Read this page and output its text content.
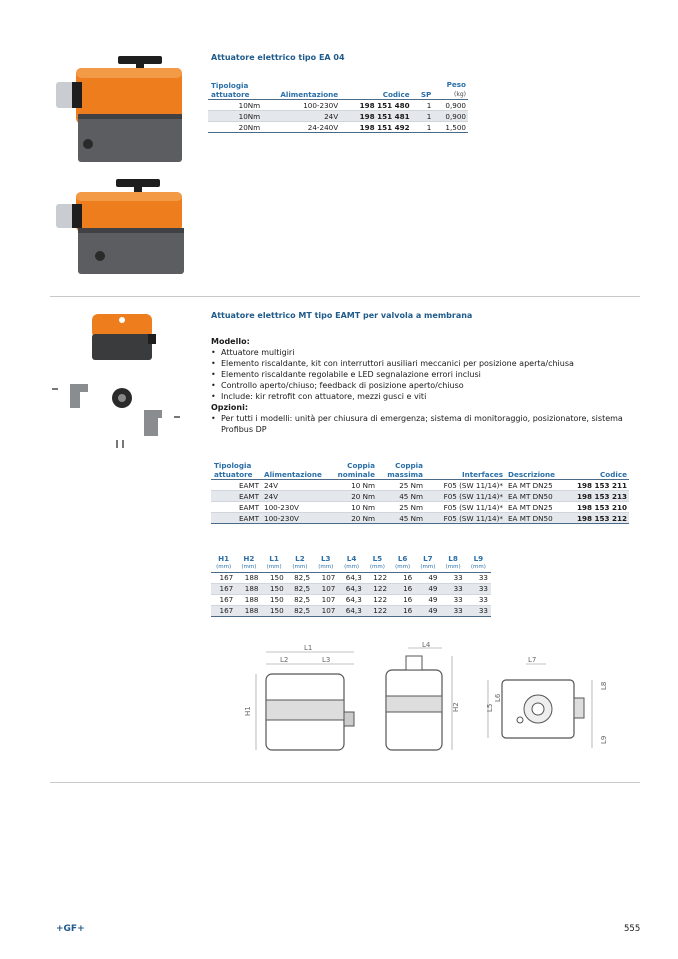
Attuatore elettrico tipo EA 04
Tipologia attuatore	Alimentazione	Codice	SP	Peso
(kg)
10Nm	100-230V	198 151 480	1	0,900
10Nm	24V	198 151 481	1	0,900
20Nm	24-240V	198 151 492	1	1,500
Attuatore elettrico MT tipo EAMT per valvola a membrana
Modello:
• Attuatore multigiri
• Elemento riscaldante, kit con interruttori ausiliari meccanici per posizione aperta/chiusa
• Elemento riscaldante regolabile e LED segnalazione errori inclusi
• Controllo aperto/chiuso; feedback di posizione aperto/chiuso
• Include: kir retrofit con attuatore, mezzi gusci e viti
Opzioni:
• Per tutti i modelli: unità per chiusura di emergenza; sistema di monitoraggio, posizionatore, sistema Profibus DP
Tipologia attuatore	Alimentazione	Coppia nominale	Coppia massima	Interfaces	Descrizione	Codice
EAMT	24V	10 Nm	25 Nm	F05 (SW 11/14)*	EA MT DN25	198 153 211
EAMT	24V	20 Nm	45 Nm	F05 (SW 11/14)*	EA MT DN50	198 153 213
EAMT	100-230V	10 Nm	25 Nm	F05 (SW 11/14)*	EA MT DN25	198 153 210
EAMT	100-230V	20 Nm	45 Nm	F05 (SW 11/14)*	EA MT DN50	198 153 212
H1	H2	L1	L2	L3	L4	L5	L6	L7	L8	L9
(mm)	(mm)	(mm)	(mm)	(mm)	(mm)	(mm)	(mm)	(mm)	(mm)	(mm)
167	188	150	82,5	107	64,3	122	16	49	33	33
167	188	150	82,5	107	64,3	122	16	49	33	33
167	188	150	82,5	107	64,3	122	16	49	33	33
167	188	150	82,5	107	64,3	122	16	49	33	33
L1
L2	L3
H1
L4
H2
L7
L5
L6
L8
L9
+GF+	555
